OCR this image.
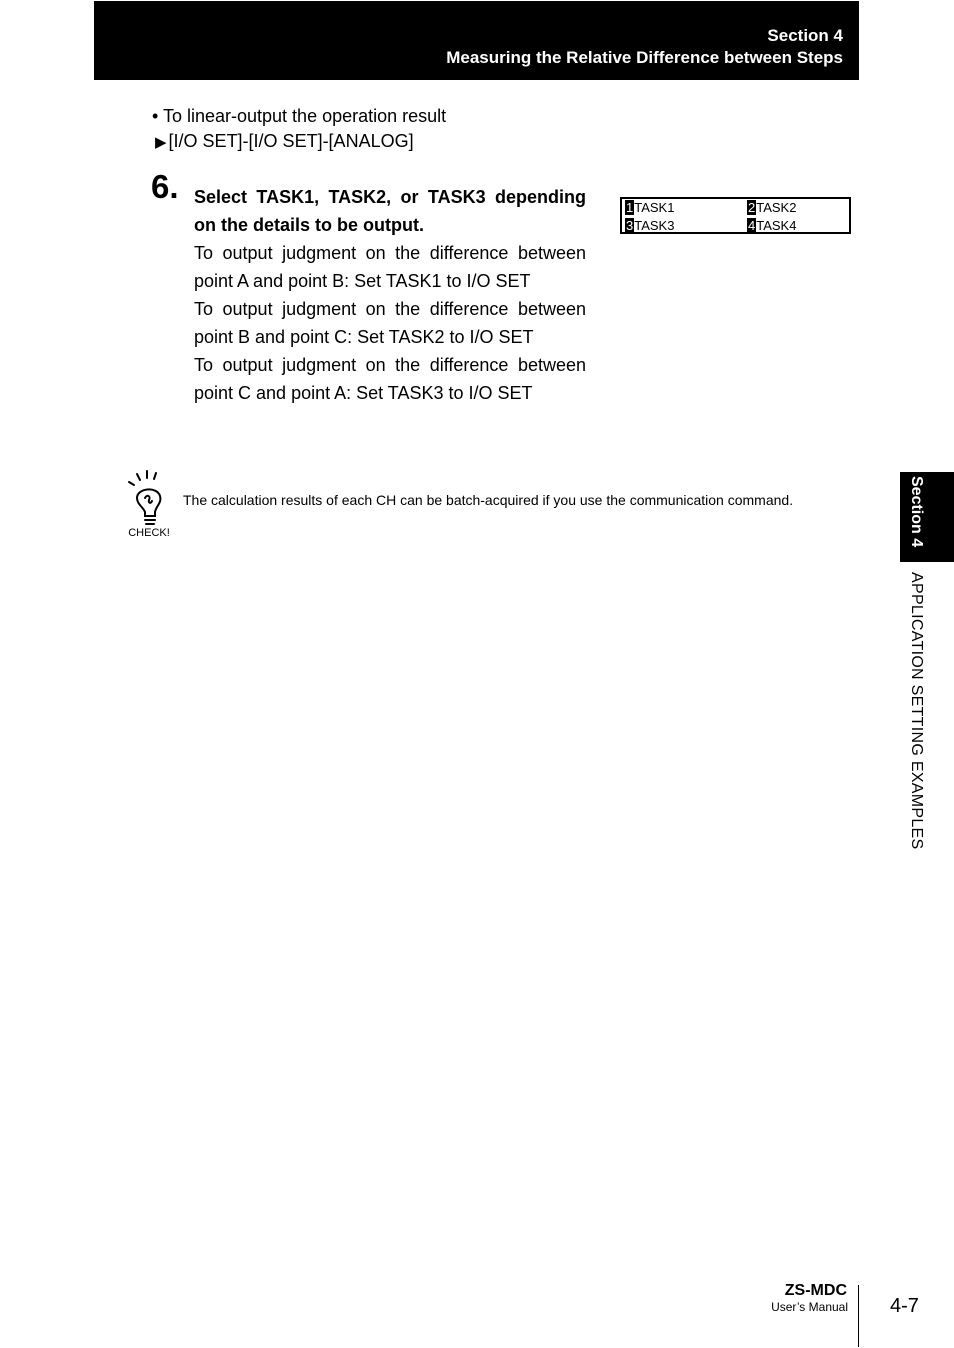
Section 4
Measuring the Relative Difference between Steps
• To linear-output the operation result
▶ [I/O SET]-[I/O SET]-[ANALOG]
6. Select TASK1, TASK2, or TASK3 depending on the details to be output.

To output judgment on the difference between point A and point B: Set TASK1 to I/O SET

To output judgment on the difference between point B and point C: Set TASK2 to I/O SET

To output judgment on the difference between point C and point A: Set TASK3 to I/O SET

1TASK1	2TASK2
3TASK3	4TASK4
CHECK!
The calculation results of each CH can be batch-acquired if you use the communication command.	Section 4
APPLICATION SETTING EXAMPLES
ZS-MDC
User’s Manual 4-7
